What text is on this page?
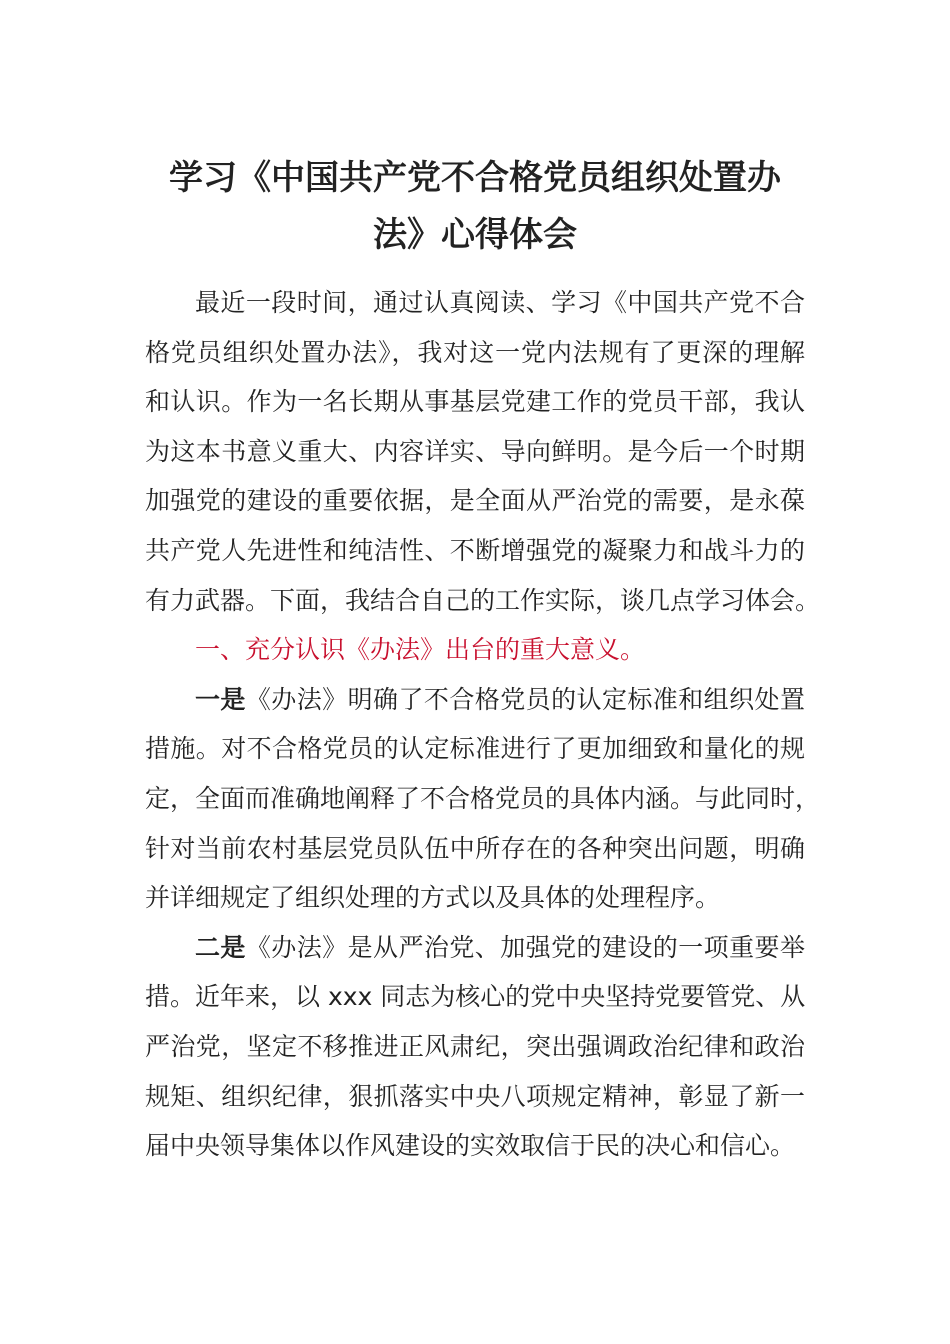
学习《中国共产党不合格党员组织处置办
法》心得体会
最近一段时间，通过认真阅读、学习《中国共产党不合
格党员组织处置办法》，我对这一党内法规有了更深的理解
和认识。作为一名长期从事基层党建工作的党员干部，我认
为这本书意义重大、内容详实、导向鲜明。是今后一个时期
加强党的建设的重要依据，是全面从严治党的需要，是永葆
共产党人先进性和纯洁性、不断增强党的凝聚力和战斗力的
有力武器。下面，我结合自己的工作实际，谈几点学习体会。
一、充分认识《办法》出台的重大意义。
一是《办法》明确了不合格党员的认定标准和组织处置
措施。对不合格党员的认定标准进行了更加细致和量化的规
定，全面而准确地阐释了不合格党员的具体内涵。与此同时，
针对当前农村基层党员队伍中所存在的各种突出问题，明确
并详细规定了组织处理的方式以及具体的处理程序。
二是《办法》是从严治党、加强党的建设的一项重要举
措。近年来，以 xxx 同志为核心的党中央坚持党要管党、从
严治党，坚定不移推进正风肃纪，突出强调政治纪律和政治
规矩、组织纪律，狠抓落实中央八项规定精神，彰显了新一
届中央领导集体以作风建设的实效取信于民的决心和信心。
